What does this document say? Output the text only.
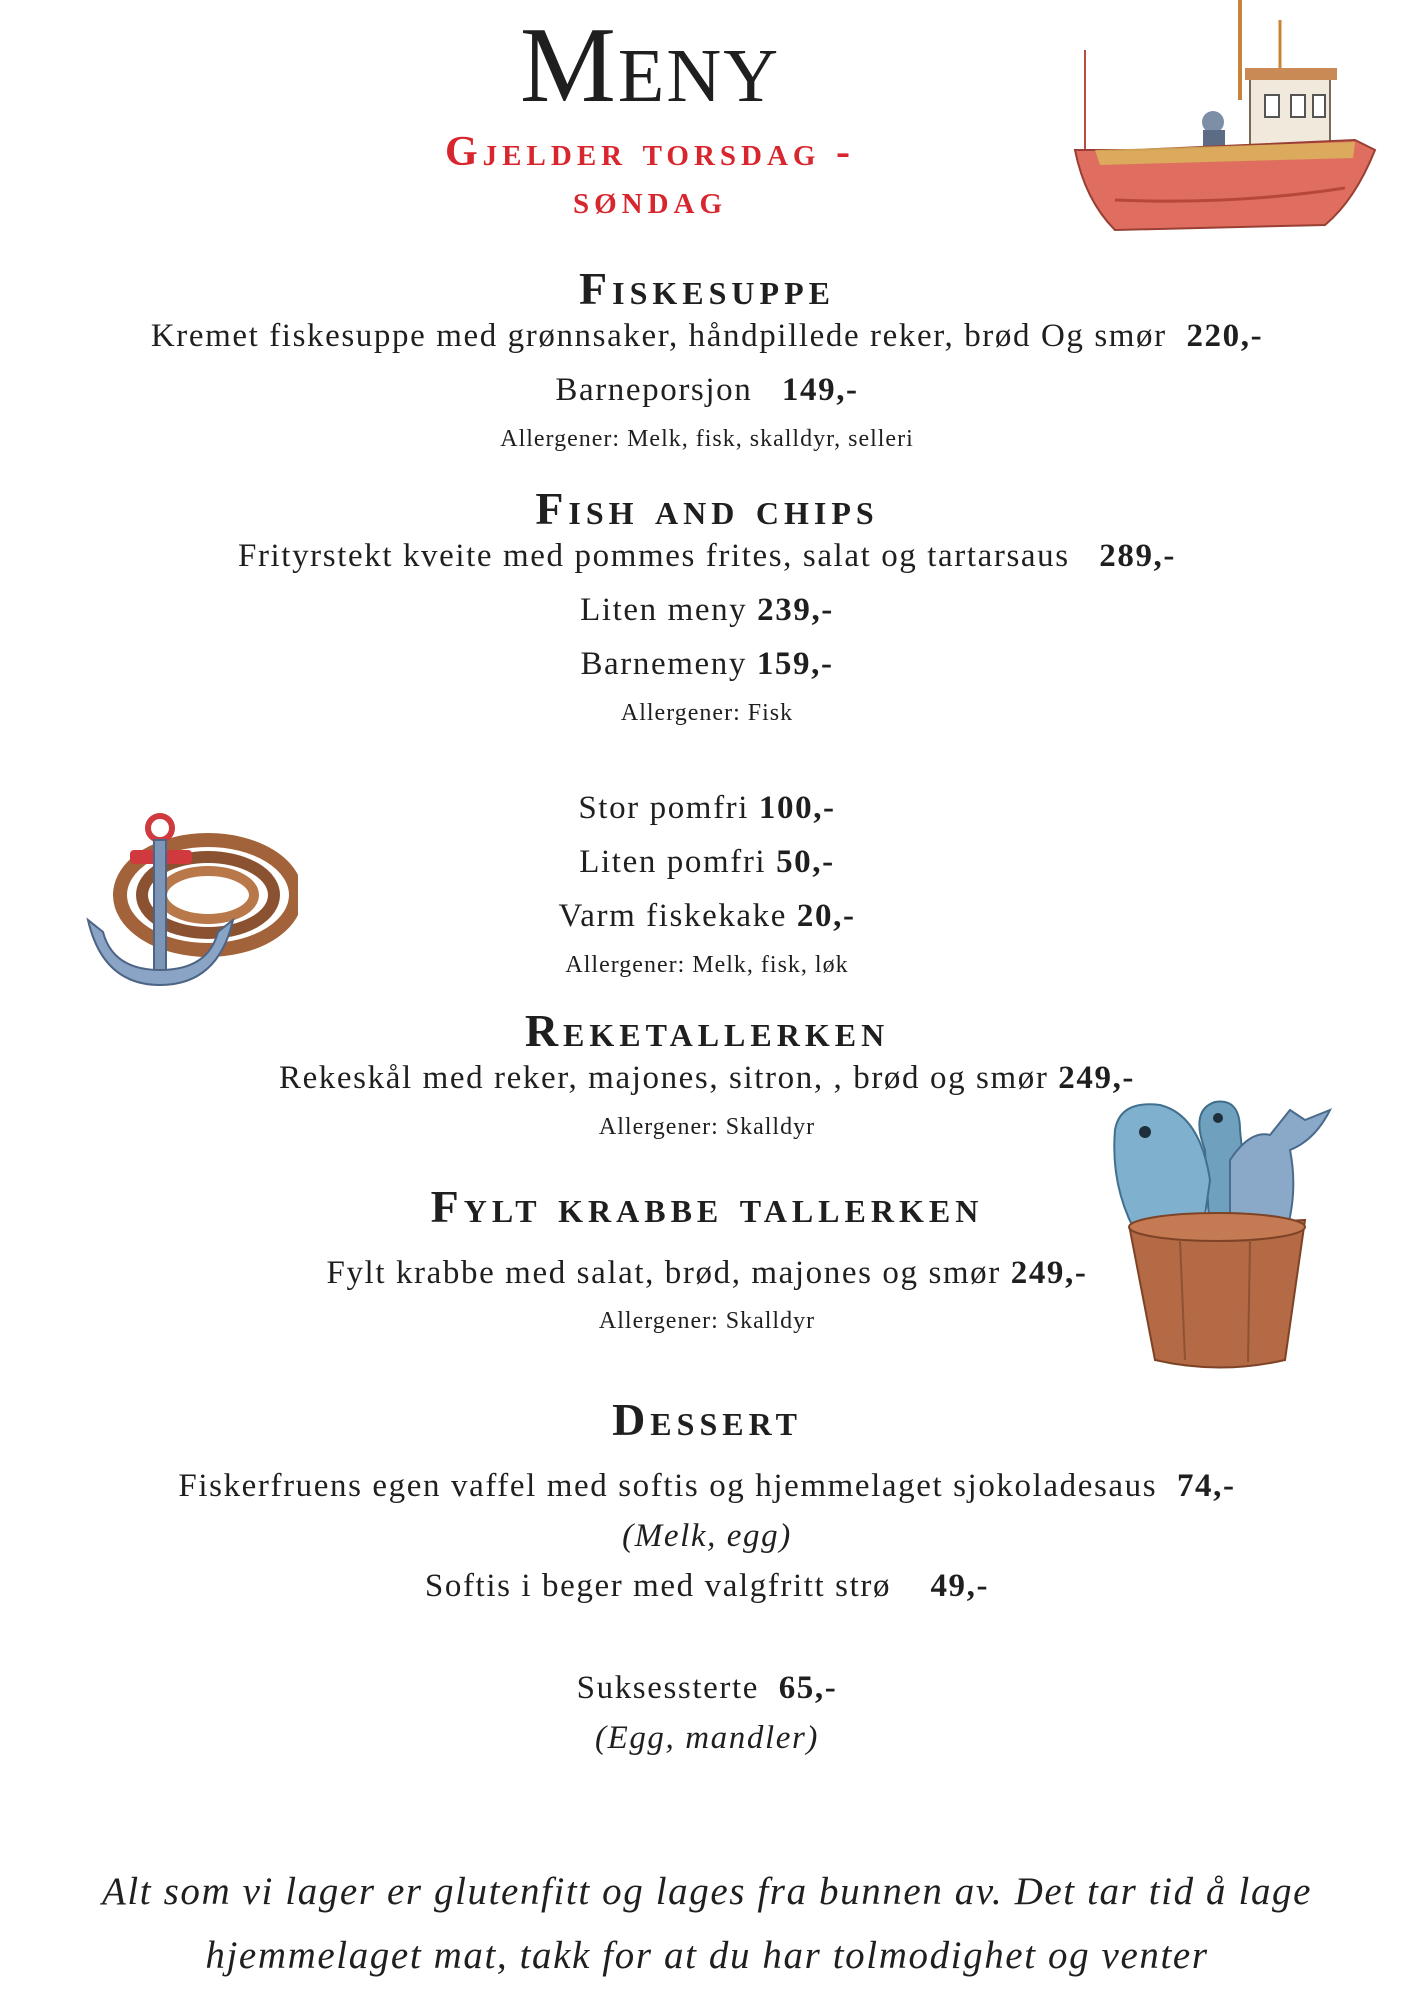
Meny
Gjelder torsdag -
søndag
Fiskesuppe
Kremet fiskesuppe med grønnsaker, håndpillede reker, brød Og smør 220,-
Barneporsjon 149,-
Allergener: Melk, fisk, skalldyr, selleri
Fish and chips
Frityrstekt kveite med pommes frites, salat og tartarsaus 289,-
Liten meny 239,-
Barnemeny 159,-
Allergener: Fisk
Stor pomfri 100,-
Liten pomfri 50,-
Varm fiskekake 20,-
Allergener: Melk, fisk, løk
Reketallerken
Rekeskål med reker, majones, sitron, , brød og smør 249,-
Allergener: Skalldyr
Fylt krabbe tallerken
Fylt krabbe med salat, brød, majones og smør 249,-
Allergener: Skalldyr
Dessert
Fiskerfruens egen vaffel med softis og hjemmelaget sjokoladesaus 74,-
(Melk, egg)
Softis i beger med valgfritt strø 49,-
Suksessterte 65,-
(Egg, mandler)
Alt som vi lager er glutenfitt og lages fra bunnen av. Det tar tid å lage
hjemmelaget mat, takk for at du har tolmodighet og venter
